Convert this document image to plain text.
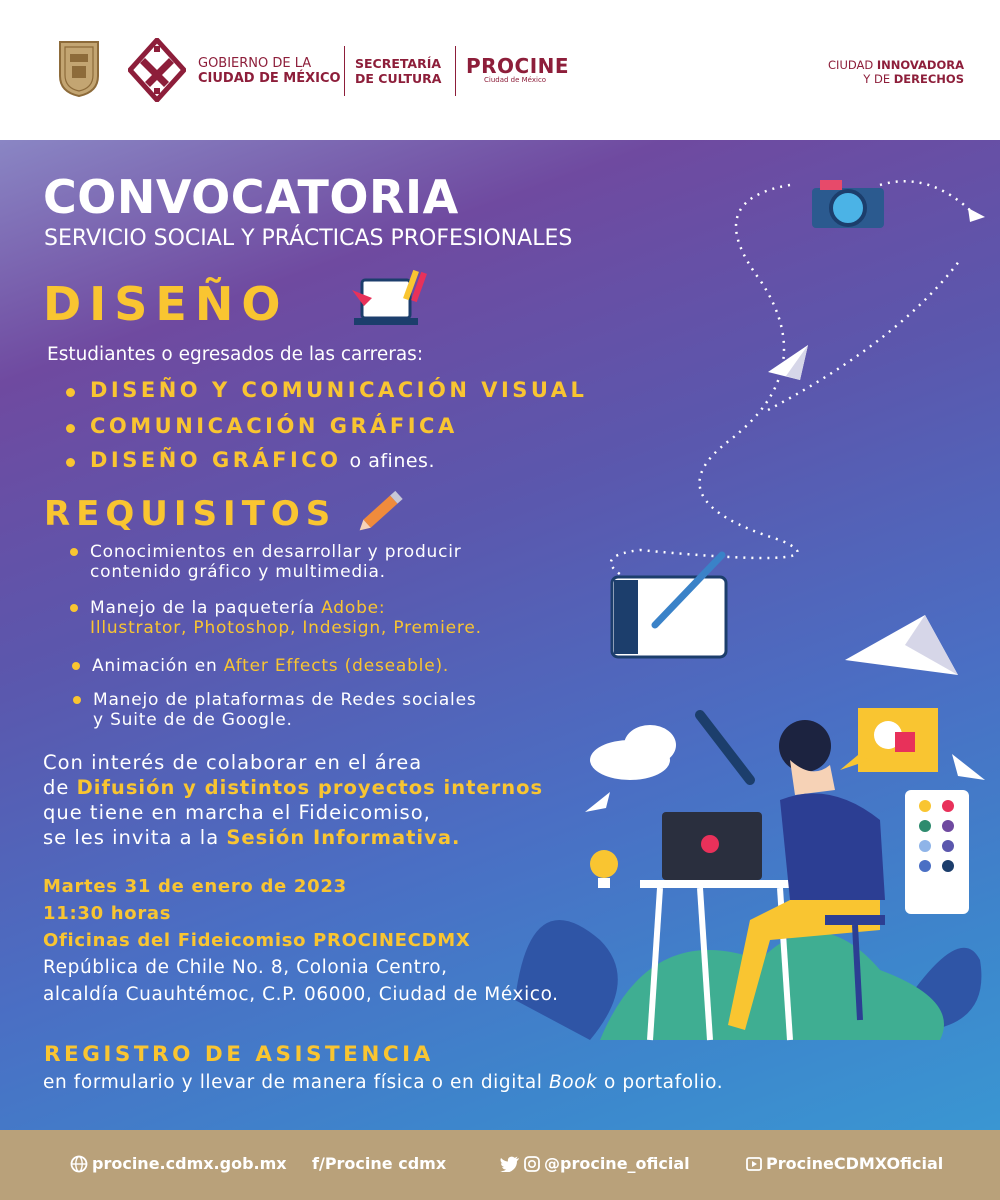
GOBIERNO DE LA
CIUDAD DE MÉXICO
SECRETARÍA
DE CULTURA
PROCINE
Ciudad de México
CIUDAD INNOVADORA
Y DE DERECHOS
CONVOCATORIA
SERVICIO SOCIAL Y PRÁCTICAS PROFESIONALES
DISEÑO
Estudiantes o egresados de las carreras:
DISEÑO Y COMUNICACIÓN VISUAL
COMUNICACIÓN GRÁFICA
DISEÑO GRÁFICO o afines.
REQUISITOS
Conocimientos en desarrollar y producir
contenido gráfico y multimedia.
Manejo de la paquetería Adobe:
Illustrator, Photoshop, Indesign, Premiere.
Animación en After Effects (deseable).
Manejo de plataformas de Redes sociales
y Suite de de Google.
Con interés de colaborar en el área
de Difusión y distintos proyectos internos
que tiene en marcha el Fideicomiso,
se les invita a la Sesión Informativa.
Martes 31 de enero de 2023
11:30 horas
Oficinas del Fideicomiso PROCINECDMX
República de Chile No. 8, Colonia Centro,
alcaldía Cuauhtémoc, C.P. 06000, Ciudad de México.
REGISTRO DE ASISTENCIA
en formulario y llevar de manera física o en digital Book o portafolio.
procine.cdmx.gob.mx f /Procine cdmx	@procine_oficial	ProcineCDMXOficial
